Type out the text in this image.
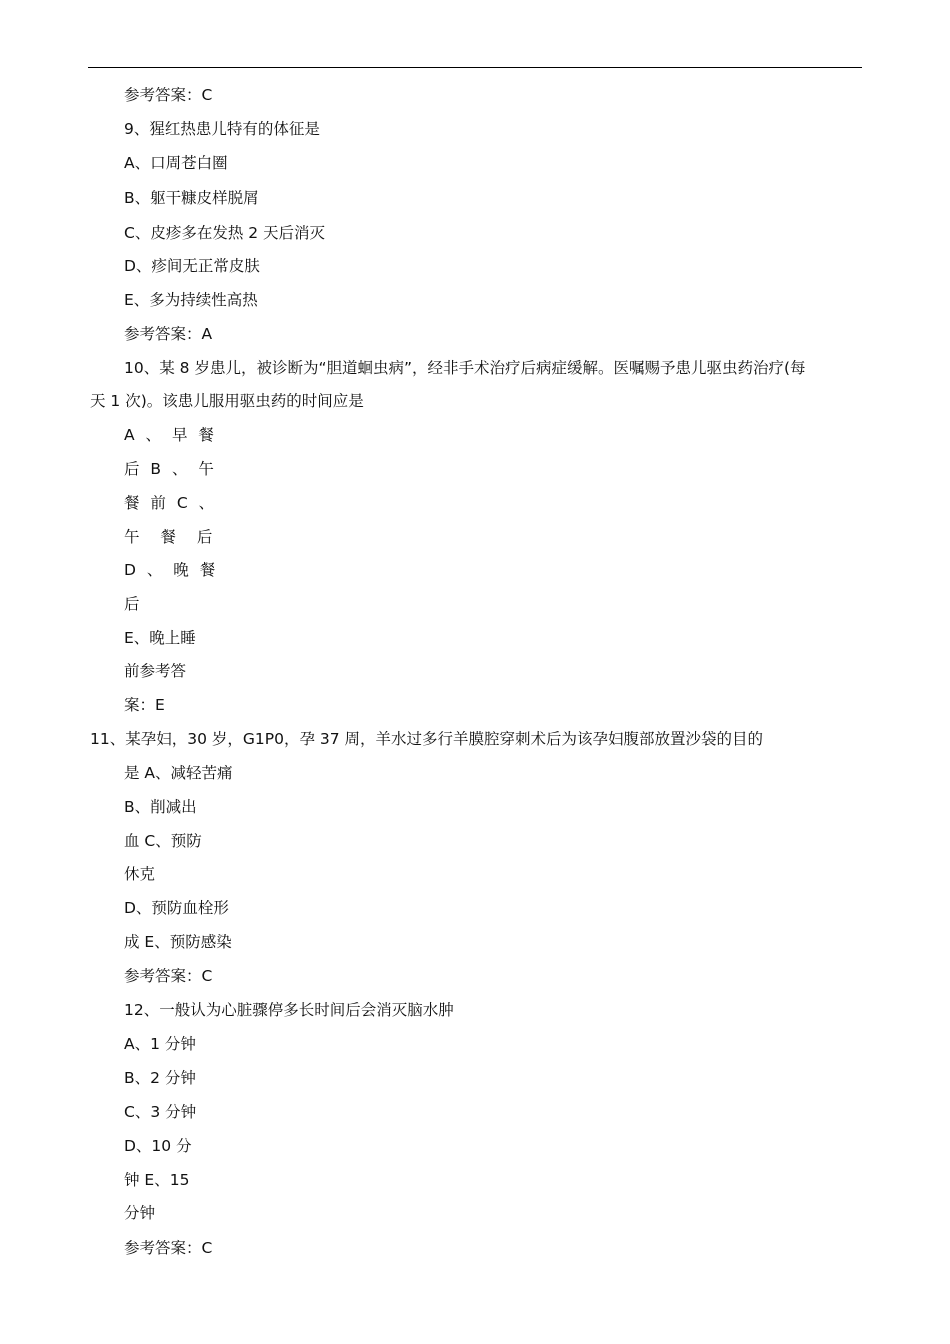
参考答案：C
9、猩红热患儿特有的体征是
A、口周苍白圈
B、躯干糠皮样脱屑
C、皮疹多在发热 2 天后消灭
D、疹间无正常皮肤
E、多为持续性高热
参考答案：A
10、某 8 岁患儿，被诊断为“胆道蛔虫病”，经非手术治疗后病症缓解。医嘱赐予患儿驱虫药治疗(每
天 1 次)。该患儿服用驱虫药的时间应是
A 、 早 餐
后 B 、 午
餐 前 C 、
午 餐 后
D 、 晚 餐
后
E、晚上睡
前参考答
案：E
11、某孕妇，30 岁，G1P0，孕 37 周，羊水过多行羊膜腔穿刺术后为该孕妇腹部放置沙袋的目的
是 A、减轻苦痛
B、削减出
血 C、预防
休克
D、预防血栓形
成 E、预防感染
参考答案：C
12、一般认为心脏骤停多长时间后会消灭脑水肿
A、1 分钟
B、2 分钟
C、3 分钟
D、10 分
钟 E、15
分钟
参考答案：C
